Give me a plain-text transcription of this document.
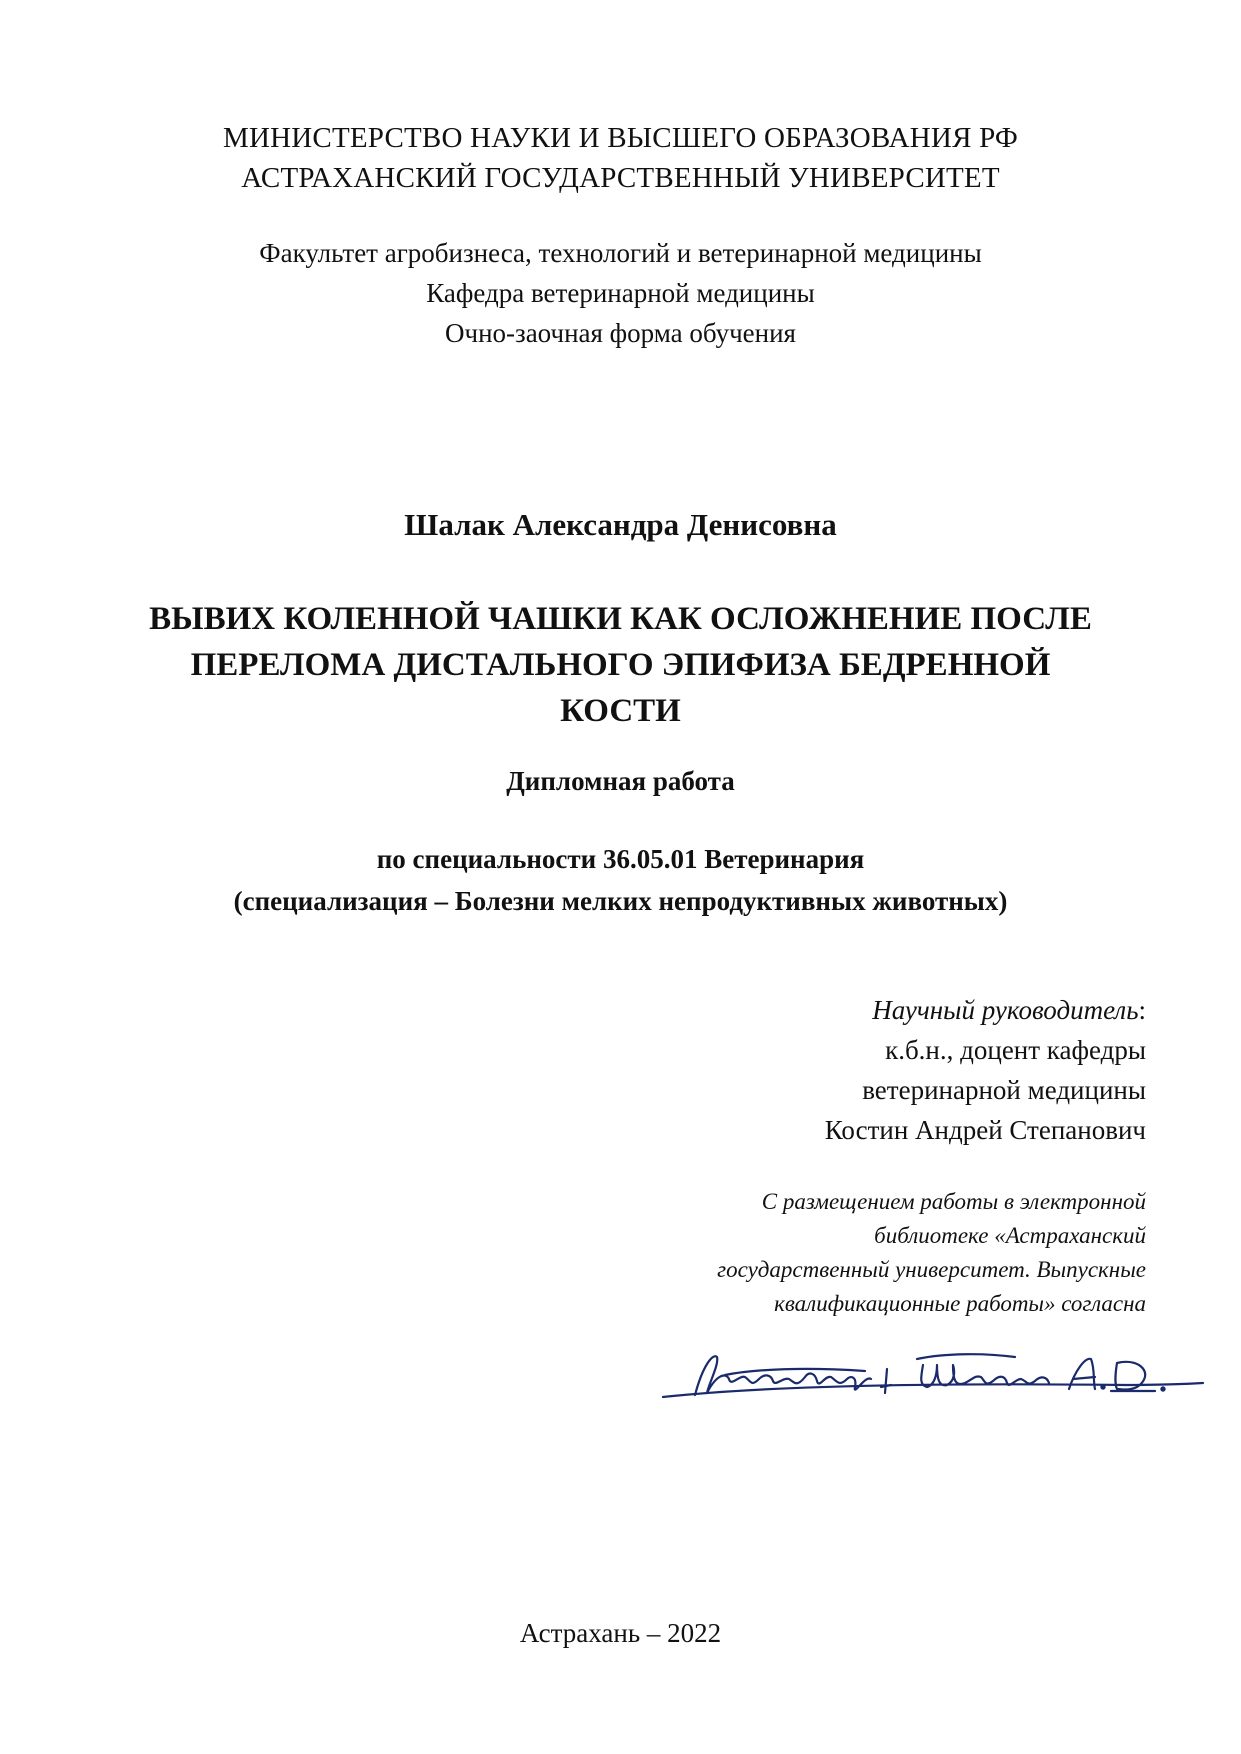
МИНИСТЕРСТВО НАУКИ И ВЫСШЕГО ОБРАЗОВАНИЯ РФ
АСТРАХАНСКИЙ ГОСУДАРСТВЕННЫЙ УНИВЕРСИТЕТ
Факультет агробизнеса, технологий и ветеринарной медицины
Кафедра ветеринарной медицины
Очно-заочная форма обучения
Шалак Александра Денисовна
ВЫВИХ КОЛЕННОЙ ЧАШКИ КАК ОСЛОЖНЕНИЕ ПОСЛЕ
ПЕРЕЛОМА ДИСТАЛЬНОГО ЭПИФИЗА БЕДРЕННОЙ
КОСТИ
Дипломная работа
по специальности 36.05.01 Ветеринария
(специализация – Болезни мелких непродуктивных животных)
Научный руководитель:
к.б.н., доцент кафедры
ветеринарной медицины
Костин Андрей Степанович
С размещением работы в электронной
библиотеке «Астраханский
государственный университет. Выпускные
квалификационные работы» согласна
Астрахань – 2022
